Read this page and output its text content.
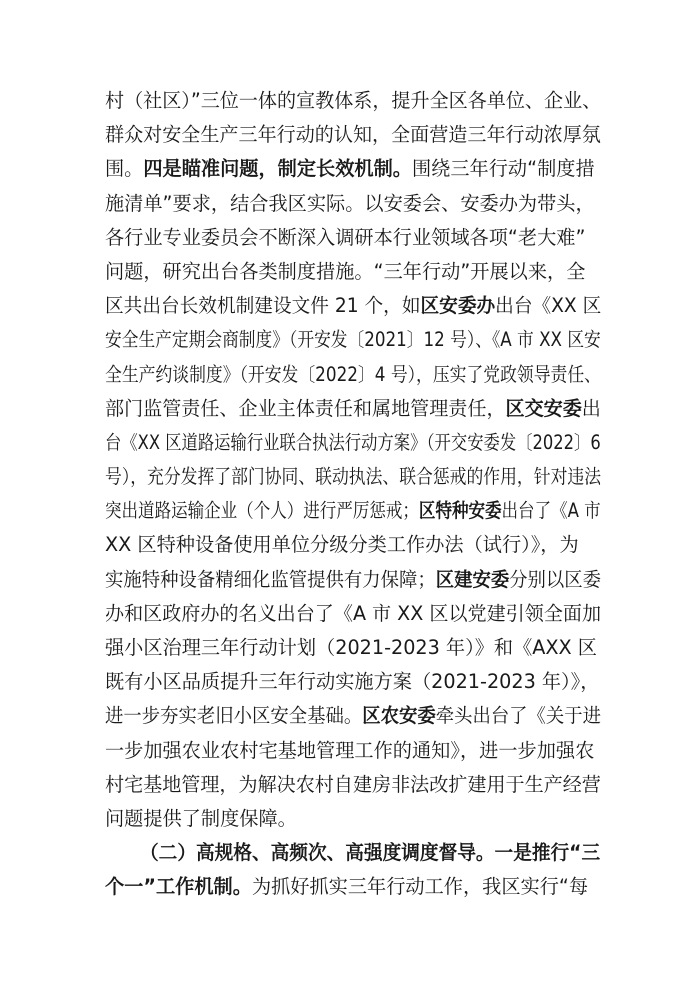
村（社区）”三位一体的宣教体系，提升全区各单位、企业、
群众对安全生产三年行动的认知，全面营造三年行动浓厚氛
围。四是瞄准问题，制定长效机制。围绕三年行动“制度措
施清单”要求，结合我区实际。以安委会、安委办为带头，
各行业专业委员会不断深入调研本行业领域各项“老大难”
问题，研究出台各类制度措施。“三年行动”开展以来，全
区共出台长效机制建设文件 21 个，如区安委办出台《XX 区
安全生产定期会商制度》（开安发〔2021〕12 号）、《A 市 XX 区安
全生产约谈制度》（开安发〔2022〕4 号），压实了党政领导责任、
部门监管责任、企业主体责任和属地管理责任，区交安委出
台《XX 区道路运输行业联合执法行动方案》（开交安委发〔2022〕6
号），充分发挥了部门协同、联动执法、联合惩戒的作用，针对违法
突出道路运输企业（个人）进行严厉惩戒；区特种安委出台了《A 市
XX 区特种设备使用单位分级分类工作办法（试行）》，为
实施特种设备精细化监管提供有力保障；区建安委分别以区委
办和区政府办的名义出台了《A 市 XX 区以党建引领全面加
强小区治理三年行动计划（2021-2023 年）》和《AXX 区
既有小区品质提升三年行动实施方案（2021-2023 年）》，
进一步夯实老旧小区安全基础。区农安委牵头出台了《关于进
一步加强农业农村宅基地管理工作的通知》，进一步加强农
村宅基地管理，为解决农村自建房非法改扩建用于生产经营
问题提供了制度保障。
（二）高规格、高频次、高强度调度督导。一是推行“三
个一”工作机制。为抓好抓实三年行动工作，我区实行“每
